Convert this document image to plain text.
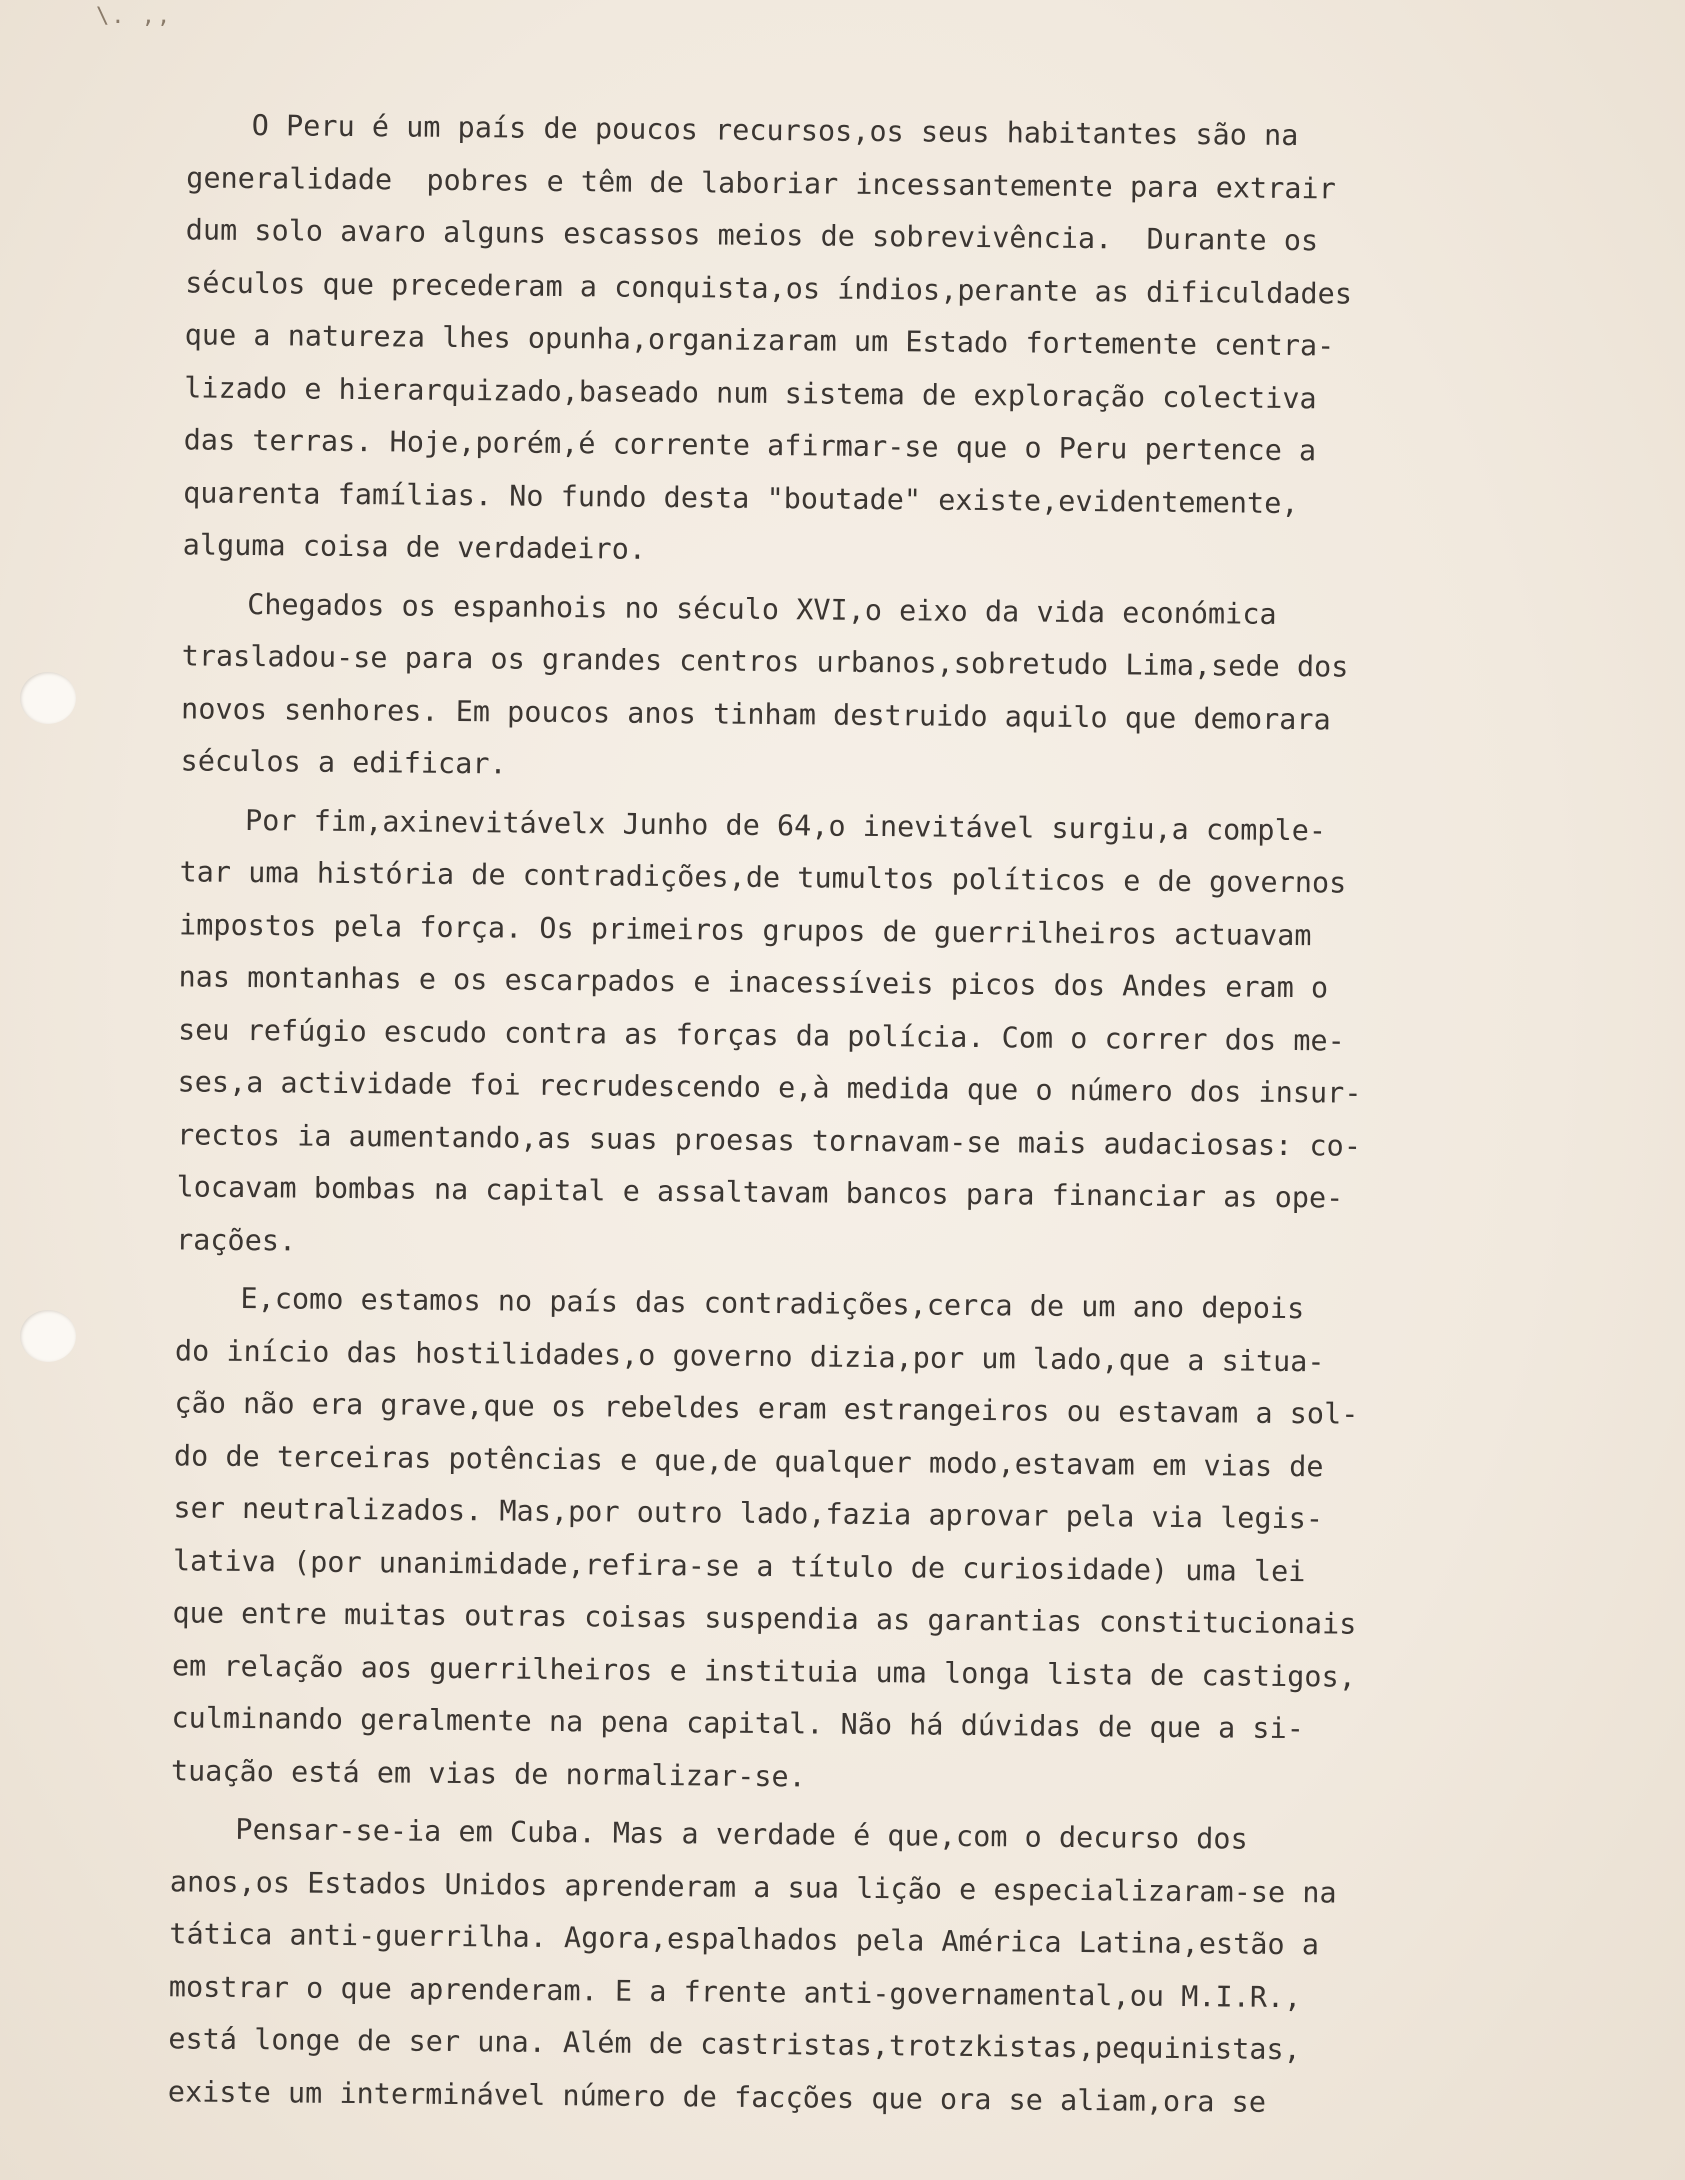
\. ,,
O Peru é um país de poucos recursos,os seus habitantes são na
generalidade  pobres e têm de laboriar incessantemente para extrair
dum solo avaro alguns escassos meios de sobrevivência.  Durante os
séculos que precederam a conquista,os índios,perante as dificuldades
que a natureza lhes opunha,organizaram um Estado fortemente centra-
lizado e hierarquizado,baseado num sistema de exploração colectiva
das terras. Hoje,porém,é corrente afirmar-se que o Peru pertence a
quarenta famílias. No fundo desta "boutade" existe,evidentemente,
alguma coisa de verdadeiro.
Chegados os espanhois no século XVI,o eixo da vida económica
trasladou-se para os grandes centros urbanos,sobretudo Lima,sede dos
novos senhores. Em poucos anos tinham destruido aquilo que demorara
séculos a edificar.
Por fim,axinevitávelx Junho de 64,o inevitável surgiu,a comple-
tar uma história de contradições,de tumultos políticos e de governos
impostos pela força. Os primeiros grupos de guerrilheiros actuavam
nas montanhas e os escarpados e inacessíveis picos dos Andes eram o
seu refúgio escudo contra as forças da polícia. Com o correr dos me-
ses,a actividade foi recrudescendo e,à medida que o número dos insur-
rectos ia aumentando,as suas proesas tornavam-se mais audaciosas: co-
locavam bombas na capital e assaltavam bancos para financiar as ope-
rações.
E,como estamos no país das contradições,cerca de um ano depois
do início das hostilidades,o governo dizia,por um lado,que a situa-
ção não era grave,que os rebeldes eram estrangeiros ou estavam a sol-
do de terceiras potências e que,de qualquer modo,estavam em vias de
ser neutralizados. Mas,por outro lado,fazia aprovar pela via legis-
lativa (por unanimidade,refira-se a título de curiosidade) uma lei
que entre muitas outras coisas suspendia as garantias constitucionais
em relação aos guerrilheiros e instituia uma longa lista de castigos,
culminando geralmente na pena capital. Não há dúvidas de que a si-
tuação está em vias de normalizar-se.
Pensar-se-ia em Cuba. Mas a verdade é que,com o decurso dos
anos,os Estados Unidos aprenderam a sua lição e especializaram-se na
tática anti-guerrilha. Agora,espalhados pela América Latina,estão a
mostrar o que aprenderam. E a frente anti-governamental,ou M.I.R.,
está longe de ser una. Além de castristas,trotzkistas,pequinistas,
existe um interminável número de facções que ora se aliam,ora se
